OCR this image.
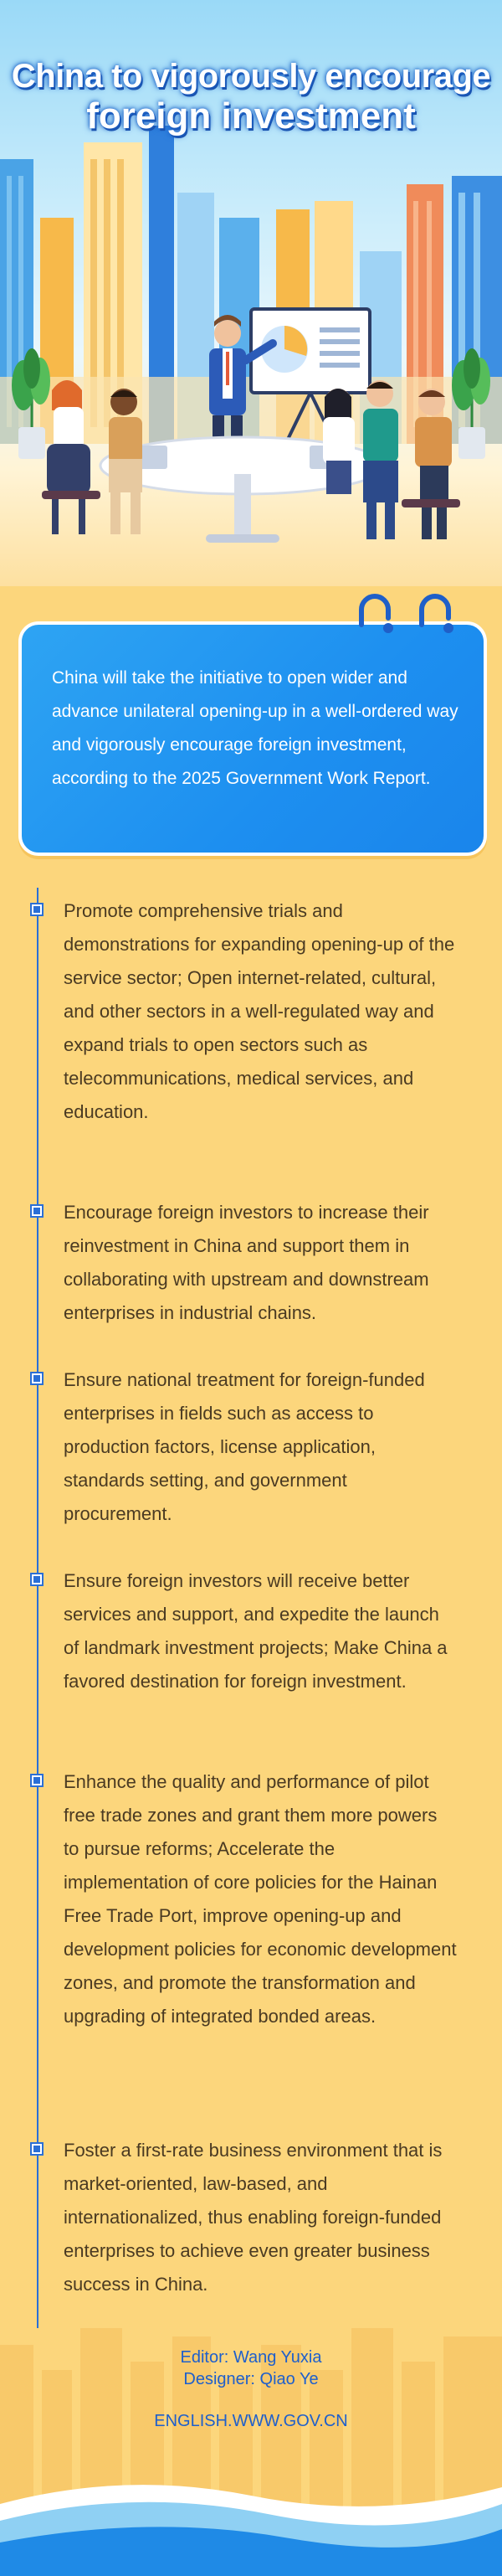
China to vigorously encourage
foreign investment
China will take the initiative to open wider and advance unilateral opening-up in a well-ordered way and vigorously encourage foreign investment, according to the 2025 Government Work Report.
Promote comprehensive trials and demonstrations for expanding opening-up of the service sector; Open internet-related, cultural, and other sectors in a well-regulated way and expand trials to open sectors such as telecommunications, medical services, and education.
Encourage foreign investors to increase their reinvestment in China and support them in collaborating with upstream and downstream enterprises in industrial chains.
Ensure national treatment for foreign-funded enterprises in fields such as access to production factors, license application, standards setting, and government procurement.
Ensure foreign investors will receive better services and support, and expedite the launch of landmark investment projects; Make China a favored destination for foreign investment.
Enhance the quality and performance of pilot free trade zones and grant them more powers to pursue reforms; Accelerate the implementation of core policies for the Hainan Free Trade Port, improve opening-up and development policies for economic development zones, and promote the transformation and upgrading of integrated bonded areas.
Foster a first-rate business environment that is market-oriented, law-based, and internationalized, thus enabling foreign-funded enterprises to achieve even greater business success in China.
Editor: Wang Yuxia
Designer: Qiao Ye
ENGLISH.WWW.GOV.CN
